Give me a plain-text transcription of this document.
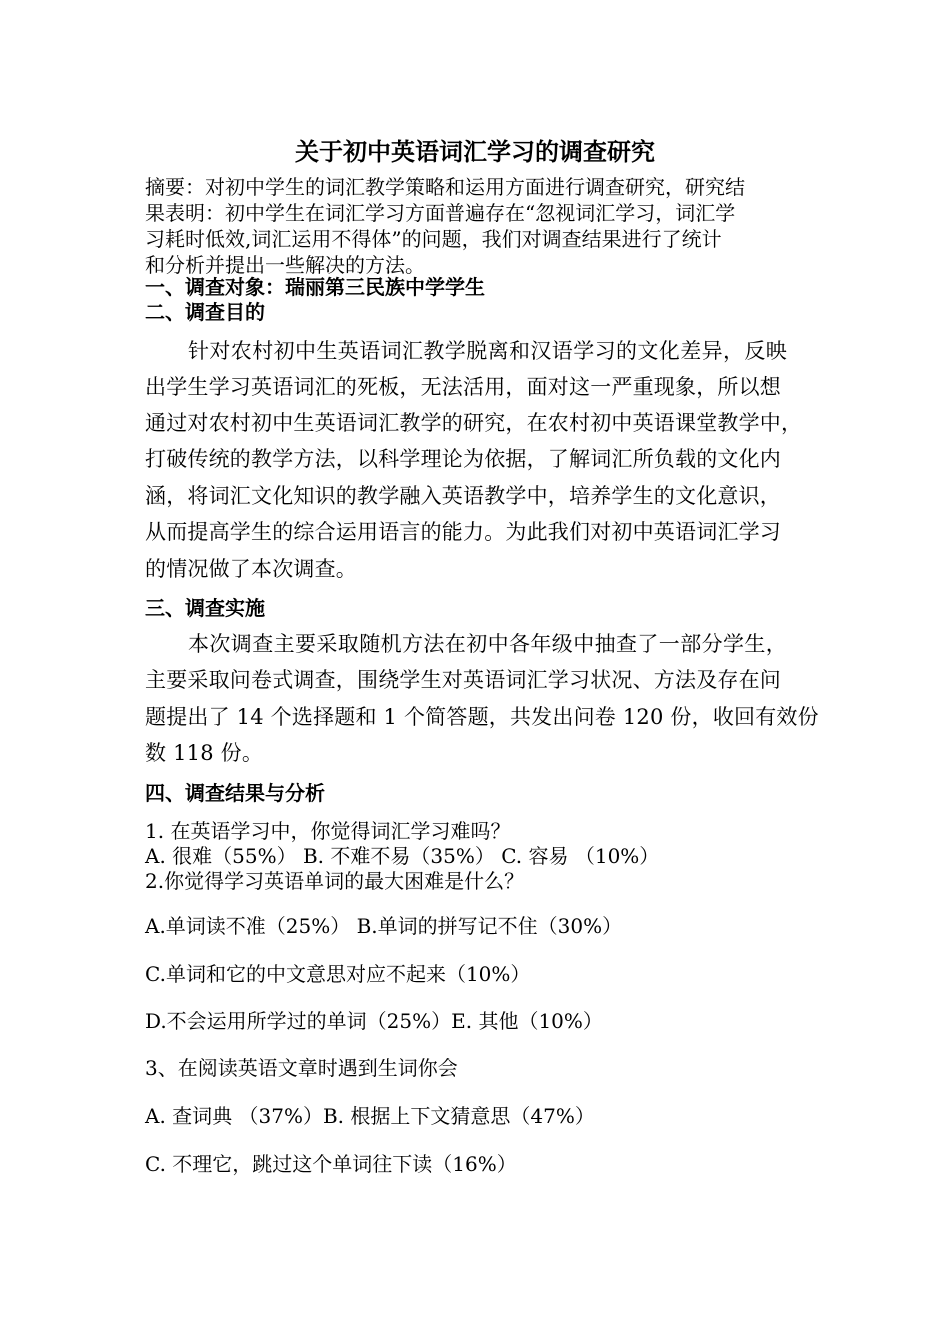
关于初中英语词汇学习的调查研究
摘要：对初中学生的词汇教学策略和运用方面进行调查研究，研究结
果表明：初中学生在词汇学习方面普遍存在“忽视词汇学习，词汇学
习耗时低效,词汇运用不得体”的问题，我们对调查结果进行了统计
和分析并提出一些解决的方法。
一、调查对象：瑞丽第三民族中学学生
二、调查目的
针对农村初中生英语词汇教学脱离和汉语学习的文化差异，反映
出学生学习英语词汇的死板，无法活用，面对这一严重现象，所以想
通过对农村初中生英语词汇教学的研究，在农村初中英语课堂教学中，
打破传统的教学方法，以科学理论为依据，了解词汇所负载的文化内
涵，将词汇文化知识的教学融入英语教学中，培养学生的文化意识，
从而提高学生的综合运用语言的能力。为此我们对初中英语词汇学习
的情况做了本次调查。
三、调查实施
本次调查主要采取随机方法在初中各年级中抽查了一部分学生，
主要采取问卷式调查，围绕学生对英语词汇学习状况、方法及存在问
题提出了 14 个选择题和 1 个简答题，共发出问卷 120 份，收回有效份
数 118 份。
四、调查结果与分析
1. 在英语学习中，你觉得词汇学习难吗？
A. 很难（55%） B. 不难不易（35%） C. 容易 （10%）
2.你觉得学习英语单词的最大困难是什么？
A.单词读不准（25%） B.单词的拼写记不住（30%）
C.单词和它的中文意思对应不起来（10%）
D.不会运用所学过的单词（25%）E. 其他（10%）
3、在阅读英语文章时遇到生词你会
A. 查词典 （37%）B. 根据上下文猜意思（47%）
C. 不理它，跳过这个单词往下读（16%）
